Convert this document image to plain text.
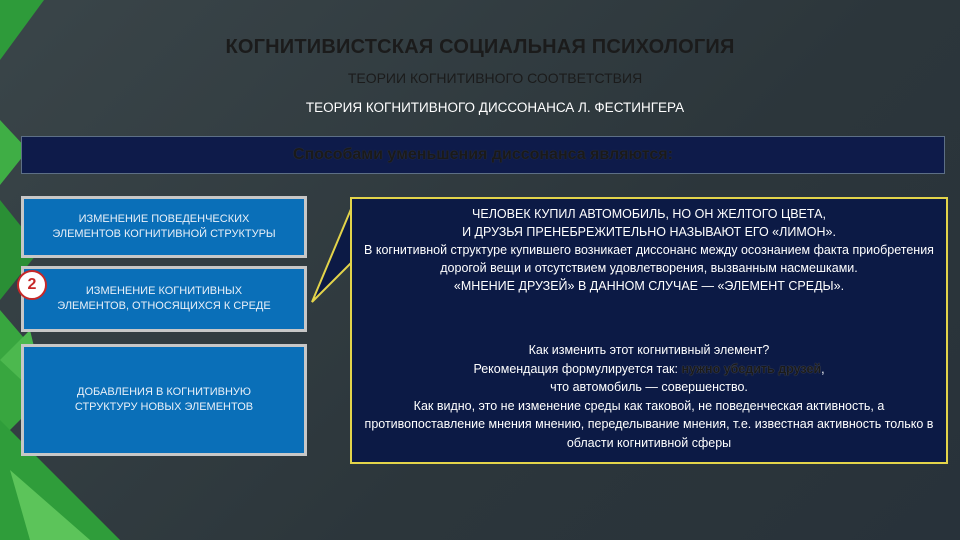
КОГНИТИВИСТСКАЯ СОЦИАЛЬНАЯ ПСИХОЛОГИЯ
ТЕОРИИ КОГНИТИВНОГО СООТВЕТСТВИЯ
ТЕОРИЯ КОГНИТИВНОГО ДИССОНАНСА Л. ФЕСТИНГЕРА
Способами уменьшения диссонанса являются:
ИЗМЕНЕНИЕ ПОВЕДЕНЧЕСКИХ ЭЛЕМЕНТОВ КОГНИТИВНОЙ СТРУКТУРЫ
ИЗМЕНЕНИЕ КОГНИТИВНЫХ ЭЛЕМЕНТОВ, ОТНОСЯЩИХСЯ К СРЕДЕ
ДОБАВЛЕНИЯ В КОГНИТИВНУЮ СТРУКТУРУ НОВЫХ ЭЛЕМЕНТОВ
2
ЧЕЛОВЕК КУПИЛ АВТОМОБИЛЬ, НО ОН ЖЕЛТОГО ЦВЕТА,
И ДРУЗЬЯ ПРЕНЕБРЕЖИТЕЛЬНО НАЗЫВАЮТ ЕГО «ЛИМОН».
В когнитивной структуре купившего возникает диссонанс между осознанием факта приобретения дорогой вещи и отсутствием удовлетворения, вызванным насмешками.
«МНЕНИЕ ДРУЗЕЙ» В ДАННОМ СЛУЧАЕ — «ЭЛЕМЕНТ СРЕДЫ».
Как изменить этот когнитивный элемент?
Рекомендация формулируется так: нужно убедить друзей,
что автомобиль — совершенство.
Как видно, это не изменение среды как таковой, не поведенческая активность, а противопоставление мнения мнению, переделывание мнения, т.е. известная активность только в области когнитивной сферы
